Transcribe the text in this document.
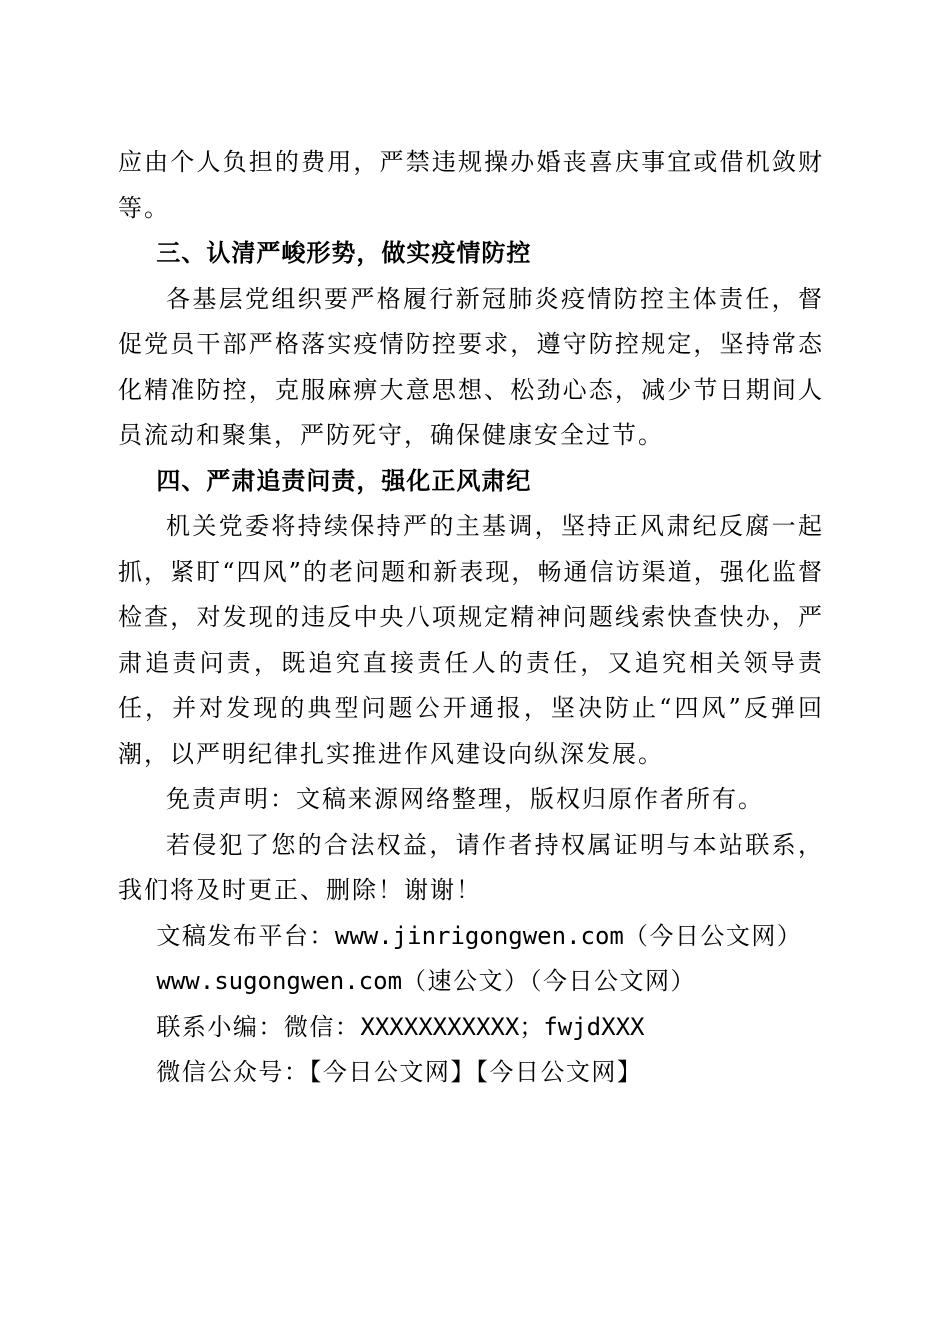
应由个人负担的费用，严禁违规操办婚丧喜庆事宜或借机敛财等。

三、认清严峻形势，做实疫情防控

各基层党组织要严格履行新冠肺炎疫情防控主体责任，督促党员干部严格落实疫情防控要求，遵守防控规定，坚持常态化精准防控，克服麻痹大意思想、松劲心态，减少节日期间人员流动和聚集，严防死守，确保健康安全过节。

四、严肃追责问责，强化正风肃纪

机关党委将持续保持严的主基调，坚持正风肃纪反腐一起抓，紧盯“四风”的老问题和新表现，畅通信访渠道，强化监督检查，对发现的违反中央八项规定精神问题线索快查快办，严肃追责问责，既追究直接责任人的责任，又追究相关领导责任，并对发现的典型问题公开通报，坚决防止“四风”反弹回潮，以严明纪律扎实推进作风建设向纵深发展。

免责声明：文稿来源网络整理，版权归原作者所有。

若侵犯了您的合法权益，请作者持权属证明与本站联系，我们将及时更正、删除！谢谢！

文稿发布平台：www.jinrigongwen.com（今日公文网）

www.sugongwen.com（速公文）（今日公文网）

联系小编：微信：XXXXXXXXXXX；fwjdXXX

微信公众号：【今日公文网】【今日公文网】
